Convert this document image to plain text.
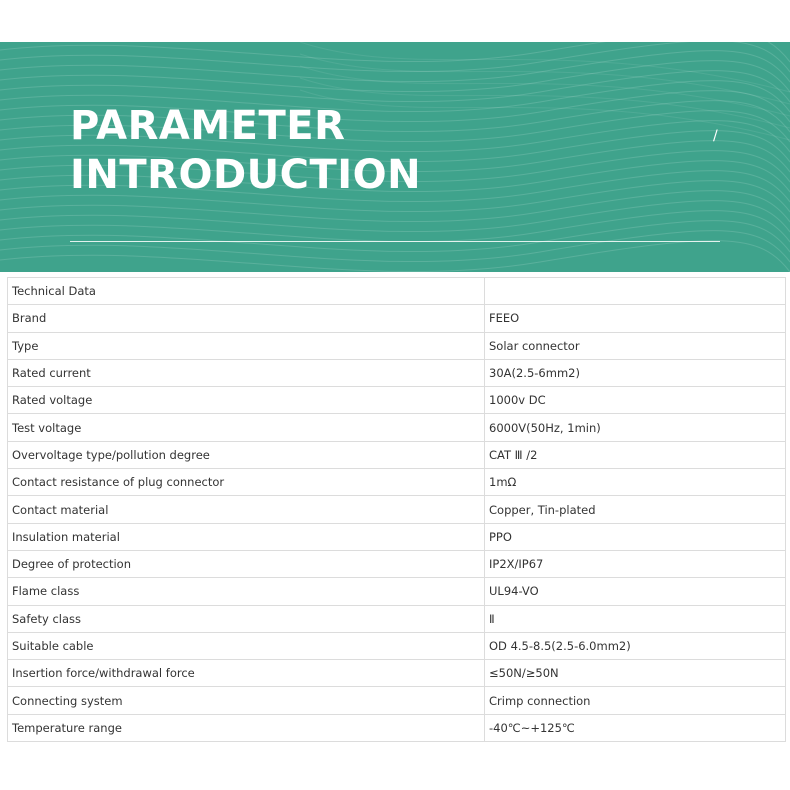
PARAMETER
INTRODUCTION
/
Technical Data	
Brand	FEEO
Type	Solar connector
Rated current	30A(2.5-6mm2)
Rated voltage	1000v DC
Test voltage	6000V(50Hz, 1min)
Overvoltage type/pollution degree	CAT Ⅲ /2
Contact resistance of plug connector	1mΩ
Contact material	Copper, Tin-plated
Insulation material	PPO
Degree of protection	IP2X/IP67
Flame class	UL94-VO
Safety class	Ⅱ
Suitable cable	OD 4.5-8.5(2.5-6.0mm2)
Insertion force/withdrawal force	≤50N/≥50N
Connecting system	Crimp connection
Temperature range	-40℃~+125℃
